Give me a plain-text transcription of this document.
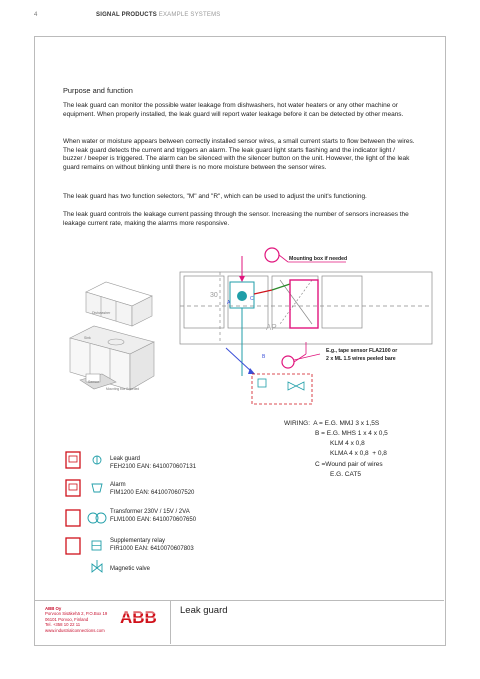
4	SIGNAL PRODUCTS EXAMPLE SYSTEMS
Purpose and function

The leak guard can monitor the possible water leakage from dishwashers, hot water heaters or any other machine or equipment. When properly installed, the leak guard will report water leakage before it can be detected by other means.

When water or moisture appears between correctly installed sensor wires, a small current starts to flow between the wires. The leak guard detects the current and triggers an alarm. The leak guard light starts flashing and the indicator light / buzzer / beeper is triggered. The alarm can be silenced with the silencer button on the unit. However, the light of the leak guard remains on without blinking until there is no more moisture between the sensor wires.

The leak guard has two function selectors, "M" and "R", which can be used to adjust the unit's functioning.

The leak guard controls the leakage current passing through the sensor. Increasing the number of sensors increases the leakage current rate, making the alarms more responsive.

Dishwasher
Sink
Sensor
Mounting box if needed
30
AP
Mounting box if needed
A
B
C
E.g., tape sensor FLA2100 or
2 x ML 1.5 wires peeled bare
WIRING:  A = E.G. MMJ 3 x 1,5S
B = E.G. MHS 1 x 4 x 0,5
KLM 4 x 0,8
KLMA 4 x 0,8  + 0,8
C =Wound pair of wires
E.G. CAT5
Leak guard
FEH2100 EAN: 6410070607131
Alarm
FIM1200 EAN: 6410070607520
Transformer 230V / 15V / 2VA
FLM1000 EAN: 6410070607650
Supplementary relay
FIR1000 EAN: 6410070607803
Magnetic valve
ABB Oy
Porvoon Sisäkehä 2, P.O.Box 19
06101 Porvoo, Finland
Tel. +358 10 22 11
www.industrialconnections.com
ABB Leak guard
